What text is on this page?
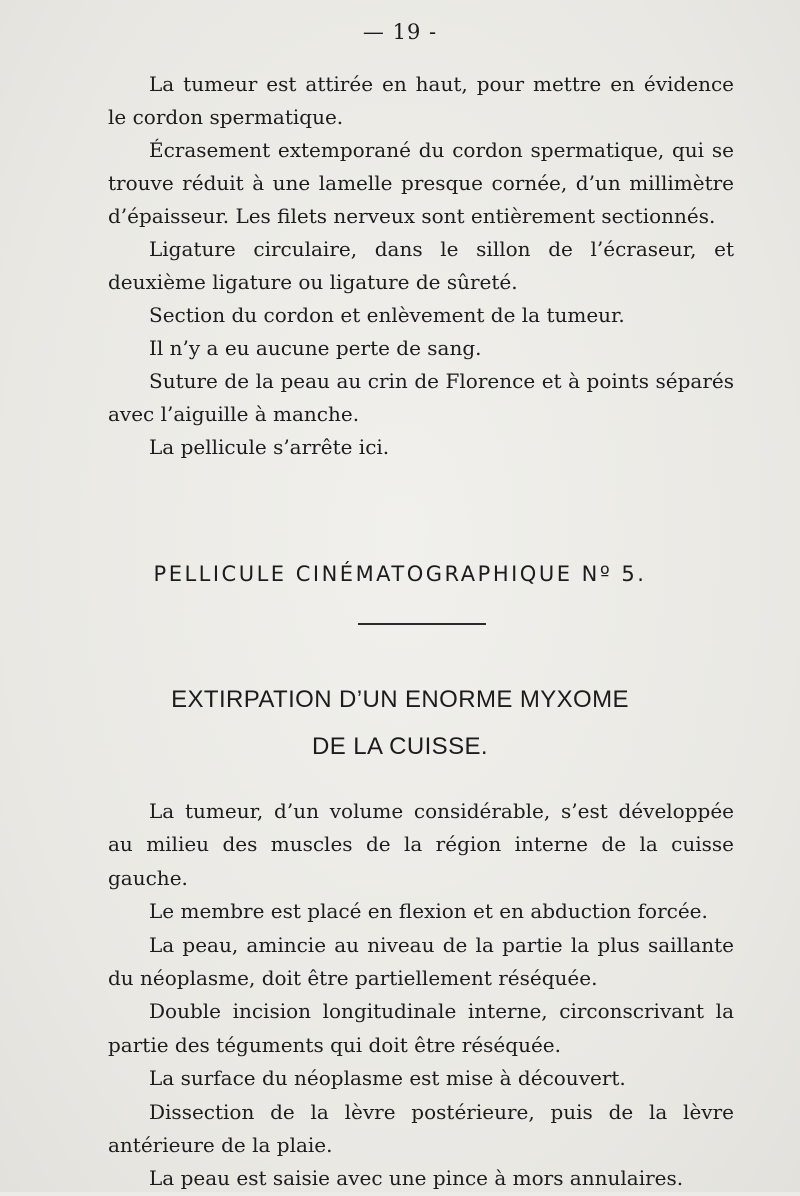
— 19 -

La tumeur est attirée en haut, pour mettre en évidence le cordon spermatique.

Écrasement extemporané du cordon spermatique, qui se trouve réduit à une lamelle presque cornée, d’un millimètre d’épaisseur. Les filets nerveux sont entièrement sectionnés.

Ligature circulaire, dans le sillon de l’écraseur, et deuxième ligature ou ligature de sûreté.

Section du cordon et enlèvement de la tumeur.

Il n’y a eu aucune perte de sang.

Suture de la peau au crin de Florence et à points séparés avec l’aiguille à manche.

La pellicule s’arrête ici.

PELLICULE CINÉMATOGRAPHIQUE Nº 5.
EXTIRPATION D’UN ENORME MYXOME
DE LA CUISSE.

La tumeur, d’un volume considérable, s’est développée au milieu des muscles de la région interne de la cuisse gauche.

Le membre est placé en flexion et en abduction forcée.

La peau, amincie au niveau de la partie la plus saillante du néoplasme, doit être partiellement réséquée.

Double incision longitudinale interne, circonscrivant la partie des téguments qui doit être réséquée.

La surface du néoplasme est mise à découvert.

Dissection de la lèvre postérieure, puis de la lèvre antérieure de la plaie.

La peau est saisie avec une pince à mors annulaires.
